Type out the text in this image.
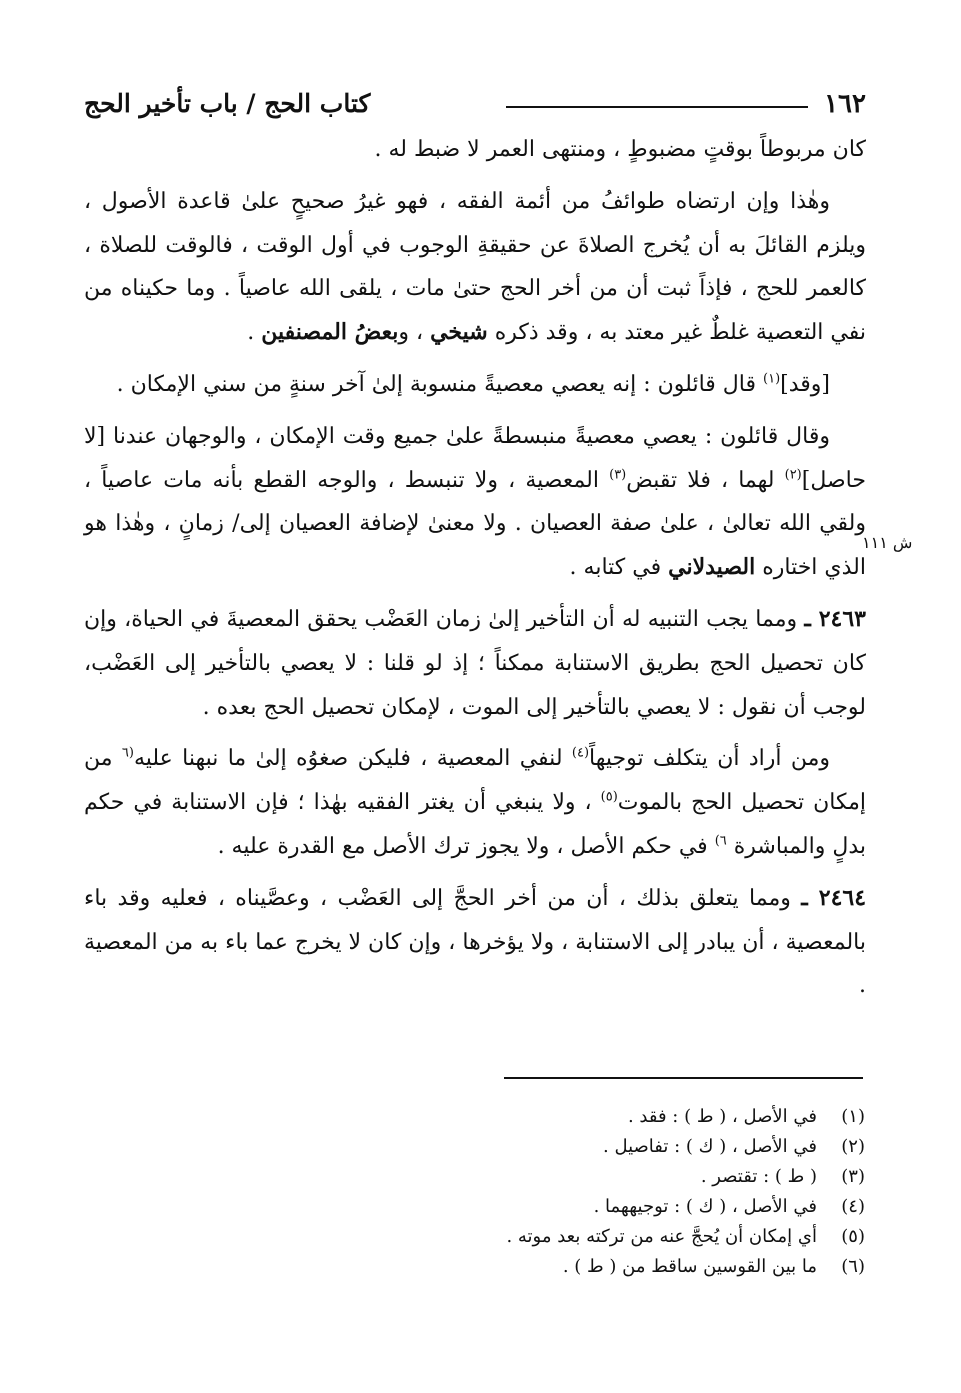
١٦٢
كتاب الحج / باب تأخير الحج

كان مربوطاً بوقتٍ مضبوطٍ ، ومنتهى العمر لا ضبط له .

وهٰذا وإن ارتضاه طوائفُ من أئمة الفقه ، فهو غيرُ صحيحٍ علىٰ قاعدة الأصول ، ويلزم القائلَ به أن يُخرج الصلاةَ عن حقيقةِ الوجوب في أول الوقت ، فالوقت للصلاة ، كالعمر للحج ، فإذاً ثبت أن من أخر الحج حتىٰ مات ، يلقى الله عاصياً . وما حكيناه من نفي التعصية غلطٌ غير معتد به ، وقد ذكره شيخي ، وبعضُ المصنفين .

[وقد]$^{(١)}$ قال قائلون : إنه يعصي معصيةً منسوبة إلىٰ آخر سنةٍ من سني الإمكان .

وقال قائلون : يعصي معصيةً منبسطةً علىٰ جميع وقت الإمكان ، والوجهان عندنا [لا حاصل]$^{(٢)}$ لهما ، فلا تقبض$^{(٣)}$ المعصية ، ولا تنبسط ، والوجه القطع بأنه مات عاصياً ، ولقي الله تعالىٰ ، علىٰ صفة العصيان . ولا معنىٰ لإضافة العصيان إلى/ زمانٍ ، وهٰذا هو الذي اختاره الصيدلاني في كتابه .

٢٤٦٣ ـ ومما يجب التنبيه له أن التأخير إلىٰ زمان العَضْب يحقق المعصيةَ في الحياة، وإن كان تحصيل الحج بطريق الاستنابة ممكناً ؛ إذ لو قلنا : لا يعصي بالتأخير إلى العَضْب، لوجب أن نقول : لا يعصي بالتأخير إلى الموت ، لإمكان تحصيل الحج بعده .

ومن أراد أن يتكلف توجيهاً$^{(٤)}$ لنفي المعصية ، فليكن صغوُه إلىٰ ما نبهنا عليه$^{(٦}$ من إمكان تحصيل الحج بالموت$^{(٥)}$ ، ولا ينبغي أن يغتر الفقيه بهٰذا ؛ فإن الاستنابة في حكم بدلٍ والمباشرة $^{٦)}$ في حكم الأصل ، ولا يجوز ترك الأصل مع القدرة عليه .

٢٤٦٤ ـ ومما يتعلق بذلك ، أن من أخر الحجَّ إلى العَضْب ، وعصَّيناه ، فعليه وقد باء بالمعصية ، أن يبادر إلى الاستنابة ، ولا يؤخرها ، وإن كان لا يخرج عما باء به من المعصية .

ش ١١١
(١)في الأصل ، ( ط ) : فقد .
(٢)في الأصل ، ( ك ) : تفاصيل .
(٣)( ط ) : تقتصر .
(٤)في الأصل ، ( ك ) : توجيههما .
(٥)أي إمكان أن يُحجَّ عنه من تركته بعد موته .
(٦)ما بين القوسين ساقط من ( ط ) .
